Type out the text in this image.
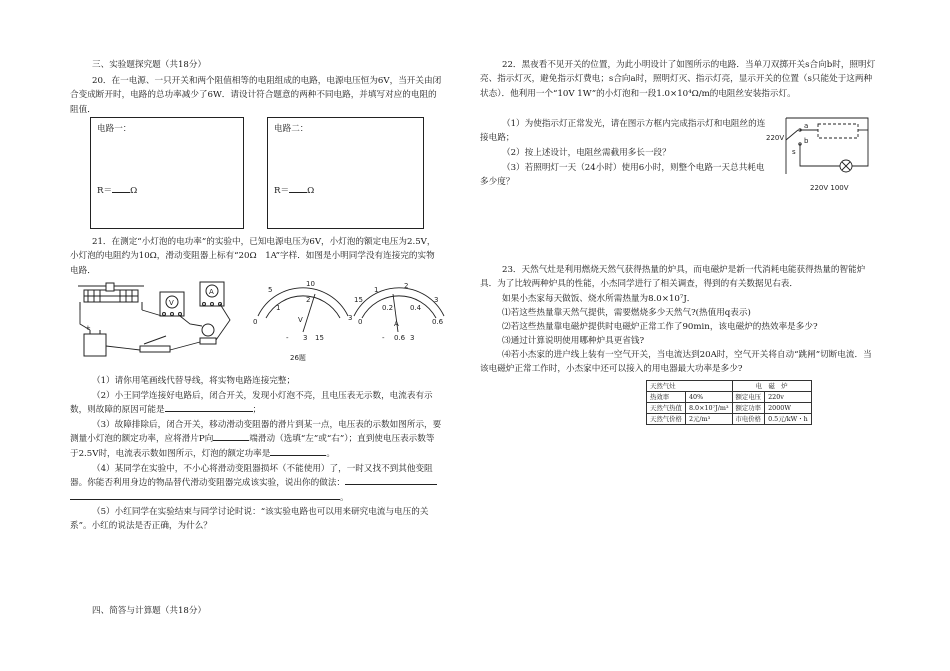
三、实验题探究题（共18分）
20．在一电源、一只开关和两个阻值相等的电阻组成的电路，电源电压恒为6V，当开关由闭合变成断开时，电路的总功率减少了6W．请设计符合题意的两种不同电路，并填写对应的电阻的阻值．
电路一：
R＝ Ω
电路二：
R＝ Ω
21．在测定“小灯泡的电功率”的实验中，已知电源电压为6V，小灯泡的额定电压为2.5V，小灯泡的电阻约为10Ω，滑动变阻器上标有“20Ω　1A”字样．如图是小明同学没有连接完的实物电路．
V
A
+
26题
5
10
15
0
1
2
3
V
- 3 15
1	2
3
0
0.2 0.4
0.6
A
- 0.6 3
（1）请你用笔画线代替导线，将实物电路连接完整；
（2）小王同学连接好电路后，闭合开关，发现小灯泡不亮，且电压表无示数，电流表有示数，则故障的原因可能是	；
（3）故障排除后，闭合开关，移动滑动变阻器的滑片到某一点，电压表的示数如图所示，要测量小灯泡的额定功率，应将滑片P向	端滑动（选填“左”或“右”）；直到使电压表示数等于2.5V时，电流表示数如图所示，灯泡的额定功率是	。
（4）某同学在实验中，不小心将滑动变阻器损坏（不能使用）了，一时又找不到其他变阻器。你能否利用身边的物品替代滑动变阻器完成该实验，说出你的做法： 。
（5）小红同学在实验结束与同学讨论时说：“该实验电路也可以用来研究电流与电压的关系”。小红的说法是否正确，为什么？
四、简答与计算题（共18分）
22．黑夜看不见开关的位置，为此小明设计了如图所示的电路．当单刀双掷开关s合向b时，照明灯亮、指示灯灭，避免指示灯费电；s合向a时，照明灯灭、指示灯亮，显示开关的位置（s只能处于这两种状态）．他利用一个“10V 1W”的小灯泡和一段1.0×10⁴Ω/m的电阻丝安装指示灯。
（1）为使指示灯正常发光，请在图示方框内完成指示灯和电阻丝的连接电路；
（2）按上述设计，电阻丝需截用多长一段？
（3）若照明灯一天（24小时）使用6小时，则整个电路一天总共耗电多少度？
220V
a
b
s
220V 100V
23．天然气灶是利用燃烧天然气获得热量的炉具，而电磁炉是新一代消耗电能获得热量的智能炉具．为了比较两种炉具的性能，小杰同学进行了相关调查，得到的有关数据见右表．
如果小杰家每天做饭、烧水所需热量为8.0×10⁷J．
⑴若这些热量靠天然气提供，需要燃烧多少天然气?(热值用q表示)
⑵若这些热量靠电磁炉提供时电磁炉正常工作了90min，该电磁炉的热效率是多少?
⑶通过计算说明使用哪种炉具更省钱?
⑷若小杰家的进户线上装有一空气开关，当电流达到20A时，空气开关将自动“跳闸”切断电流．当该电磁炉正常工作时，小杰家中还可以接入的用电器最大功率是多少?
天然气灶		电　磁　炉	
热效率	40%	额定电压	220v
天然气热值	8.0×10⁷J/m³	额定功率	2000W
天然气价格	2元/m³	市电价格	0.5元/kW・h
